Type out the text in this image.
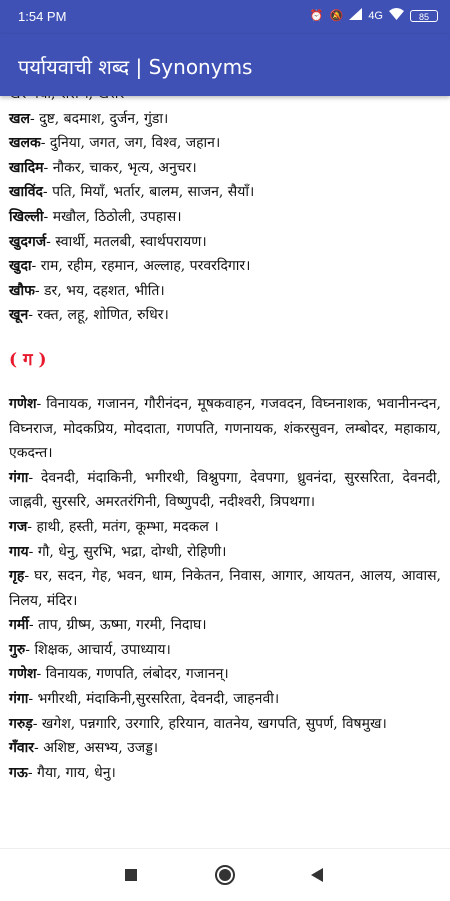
1:54 PM	⏰ 🔕 4G	85
पर्यायवाची शब्द | Synonyms
खल- दुष्ट, बदमाश, दुर्जन, गुंडा।
खलक- दुनिया, जगत, जग, विश्व, जहान।
खादिम- नौकर, चाकर, भृत्य, अनुचर।
खाविंद- पति, मियाँ, भर्तार, बालम, साजन, सैयाँ।
खिल्ली- मखौल, ठिठोली, उपहास।
खुदगर्ज- स्वार्थी, मतलबी, स्वार्थपरायण।
खुदा- राम, रहीम, रहमान, अल्लाह, परवरदिगार।
खौफ- डर, भय, दहशत, भीति।
खून- रक्त, लहू, शोणित, रुधिर।
( ग )
गणेश- विनायक, गजानन, गौरीनंदन, मूषकवाहन, गजवदन, विघ्ननाशक, भवानीनन्दन, विघ्नराज, मोदकप्रिय, मोददाता, गणपति, गणनायक, शंकरसुवन, लम्बोदर, महाकाय, एकदन्त।
गंगा- देवनदी, मंदाकिनी, भगीरथी, विश्नुपगा, देवपगा, ध्रुवनंदा, सुरसरिता, देवनदी, जाह्नवी, सुरसरि, अमरतरंगिनी, विष्णुपदी, नदीश्वरी, त्रिपथगा।
गज- हाथी, हस्ती, मतंग, कूम्भा, मदकल ।
गाय- गौ, धेनु, सुरभि, भद्रा, दोग्धी, रोहिणी।
गृह- घर, सदन, गेह, भवन, धाम, निकेतन, निवास, आगार, आयतन, आलय, आवास, निलय, मंदिर।
गर्मी- ताप, ग्रीष्म, ऊष्मा, गरमी, निदाघ।
गुरु- शिक्षक, आचार्य, उपाध्याय।
गणेश- विनायक, गणपति, लंबोदर, गजानन्।
गंगा- भगीरथी, मंदाकिनी,सुरसरिता, देवनदी, जाहनवी।
गरुड़- खगेश, पन्नगारि, उरगारि, हरियान, वातनेय, खगपति, सुपर्ण, विषमुख।
गँवार- अशिष्ट, असभ्य, उजड्ड।
गऊ- गैया, गाय, धेनु।
